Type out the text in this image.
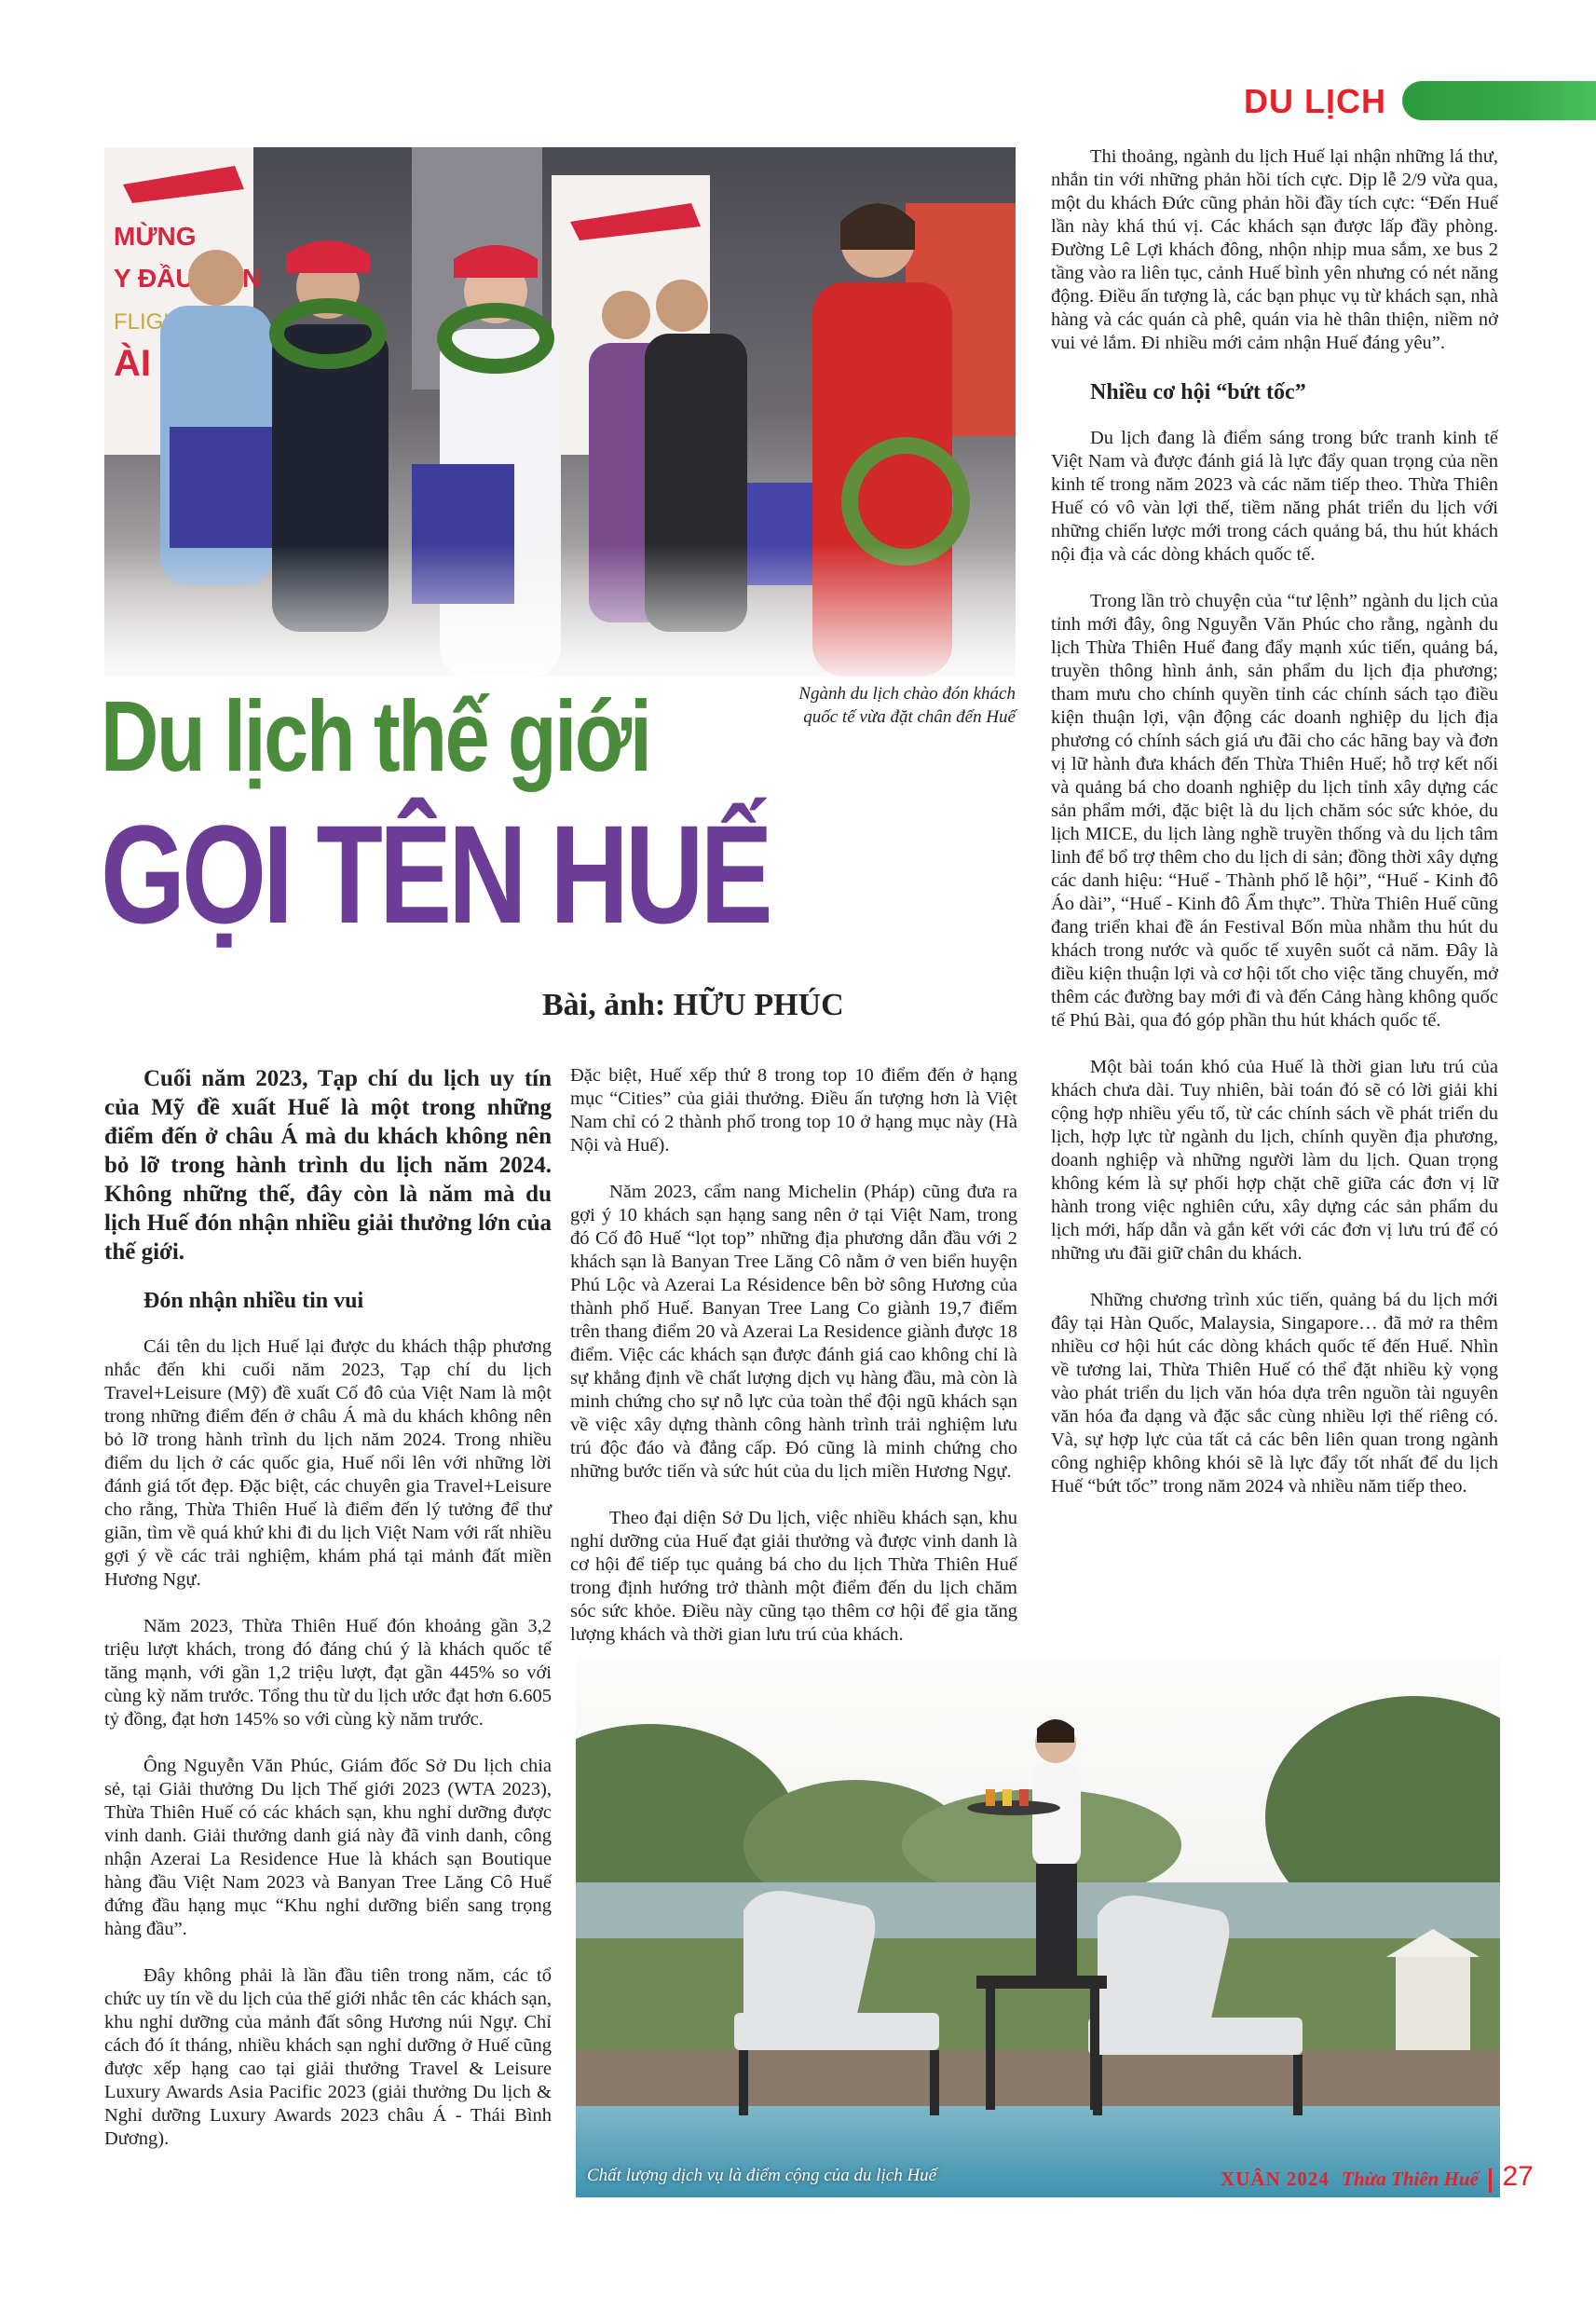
DU LỊCH
Ngành du lịch chào đón khách
quốc tế vừa đặt chân đến Huế
Du lịch thế giới
GỌI TÊN HUẾ
Bài, ảnh: HỮU PHÚC
Cuối năm 2023, Tạp chí du lịch uy tín của Mỹ đề xuất Huế là một trong những điểm đến ở châu Á mà du khách không nên bỏ lỡ trong hành trình du lịch năm 2024. Không những thế, đây còn là năm mà du lịch Huế đón nhận nhiều giải thưởng lớn của thế giới.
Đón nhận nhiều tin vui

Cái tên du lịch Huế lại được du khách thập phương nhắc đến khi cuối năm 2023, Tạp chí du lịch Travel+Leisure (Mỹ) đề xuất Cố đô của Việt Nam là một trong những điểm đến ở châu Á mà du khách không nên bỏ lỡ trong hành trình du lịch năm 2024. Trong nhiều điểm du lịch ở các quốc gia, Huế nổi lên với những lời đánh giá tốt đẹp. Đặc biệt, các chuyên gia Travel+Leisure cho rằng, Thừa Thiên Huế là điểm đến lý tưởng để thư giãn, tìm về quá khứ khi đi du lịch Việt Nam với rất nhiều gợi ý về các trải nghiệm, khám phá tại mảnh đất miền Hương Ngự.

Năm 2023, Thừa Thiên Huế đón khoảng gần 3,2 triệu lượt khách, trong đó đáng chú ý là khách quốc tế tăng mạnh, với gần 1,2 triệu lượt, đạt gần 445% so với cùng kỳ năm trước. Tổng thu từ du lịch ước đạt hơn 6.605 tỷ đồng, đạt hơn 145% so với cùng kỳ năm trước.

Ông Nguyễn Văn Phúc, Giám đốc Sở Du lịch chia sẻ, tại Giải thưởng Du lịch Thế giới 2023 (WTA 2023), Thừa Thiên Huế có các khách sạn, khu nghỉ dưỡng được vinh danh. Giải thưởng danh giá này đã vinh danh, công nhận Azerai La Residence Hue là khách sạn Boutique hàng đầu Việt Nam 2023 và Banyan Tree Lăng Cô Huế đứng đầu hạng mục “Khu nghỉ dưỡng biển sang trọng hàng đầu”.

Đây không phải là lần đầu tiên trong năm, các tổ chức uy tín về du lịch của thế giới nhắc tên các khách sạn, khu nghỉ dưỡng của mảnh đất sông Hương núi Ngự. Chỉ cách đó ít tháng, nhiều khách sạn nghỉ dưỡng ở Huế cũng được xếp hạng cao tại giải thưởng Travel & Leisure Luxury Awards Asia Pacific 2023 (giải thưởng Du lịch & Nghỉ dưỡng Luxury Awards 2023 châu Á - Thái Bình Dương).

Đặc biệt, Huế xếp thứ 8 trong top 10 điểm đến ở hạng mục “Cities” của giải thưởng. Điều ấn tượng hơn là Việt Nam chỉ có 2 thành phố trong top 10 ở hạng mục này (Hà Nội và Huế).

Năm 2023, cẩm nang Michelin (Pháp) cũng đưa ra gợi ý 10 khách sạn hạng sang nên ở tại Việt Nam, trong đó Cố đô Huế “lọt top” những địa phương dẫn đầu với 2 khách sạn là Banyan Tree Lăng Cô nằm ở ven biển huyện Phú Lộc và Azerai La Résidence bên bờ sông Hương của thành phố Huế. Banyan Tree Lang Co giành 19,7 điểm trên thang điểm 20 và Azerai La Residence giành được 18 điểm. Việc các khách sạn được đánh giá cao không chỉ là sự khẳng định về chất lượng dịch vụ hàng đầu, mà còn là minh chứng cho sự nỗ lực của toàn thể đội ngũ khách sạn về việc xây dựng thành công hành trình trải nghiệm lưu trú độc đáo và đẳng cấp. Đó cũng là minh chứng cho những bước tiến và sức hút của du lịch miền Hương Ngự.

Theo đại diện Sở Du lịch, việc nhiều khách sạn, khu nghỉ dưỡng của Huế đạt giải thưởng và được vinh danh là cơ hội để tiếp tục quảng bá cho du lịch Thừa Thiên Huế trong định hướng trở thành một điểm đến du lịch chăm sóc sức khỏe. Điều này cũng tạo thêm cơ hội để gia tăng lượng khách và thời gian lưu trú của khách.

Thi thoảng, ngành du lịch Huế lại nhận những lá thư, nhắn tin với những phản hồi tích cực. Dịp lễ 2/9 vừa qua, một du khách Đức cũng phản hồi đầy tích cực: “Đến Huế lần này khá thú vị. Các khách sạn được lấp đầy phòng. Đường Lê Lợi khách đông, nhộn nhịp mua sắm, xe bus 2 tầng vào ra liên tục, cảnh Huế bình yên nhưng có nét năng động. Điều ấn tượng là, các bạn phục vụ từ khách sạn, nhà hàng và các quán cà phê, quán via hè thân thiện, niềm nở vui vẻ lắm. Đi nhiều mới cảm nhận Huế đáng yêu”.

Nhiều cơ hội “bứt tốc”

Du lịch đang là điểm sáng trong bức tranh kinh tế Việt Nam và được đánh giá là lực đẩy quan trọng của nền kinh tế trong năm 2023 và các năm tiếp theo. Thừa Thiên Huế có vô vàn lợi thế, tiềm năng phát triển du lịch với những chiến lược mới trong cách quảng bá, thu hút khách nội địa và các dòng khách quốc tế.

Trong lần trò chuyện của “tư lệnh” ngành du lịch của tỉnh mới đây, ông Nguyễn Văn Phúc cho rằng, ngành du lịch Thừa Thiên Huế đang đẩy mạnh xúc tiến, quảng bá, truyền thông hình ảnh, sản phẩm du lịch địa phương; tham mưu cho chính quyền tỉnh các chính sách tạo điều kiện thuận lợi, vận động các doanh nghiệp du lịch địa phương có chính sách giá ưu đãi cho các hãng bay và đơn vị lữ hành đưa khách đến Thừa Thiên Huế; hỗ trợ kết nối và quảng bá cho doanh nghiệp du lịch tỉnh xây dựng các sản phẩm mới, đặc biệt là du lịch chăm sóc sức khỏe, du lịch MICE, du lịch làng nghề truyền thống và du lịch tâm linh để bổ trợ thêm cho du lịch di sản; đồng thời xây dựng các danh hiệu: “Huế - Thành phố lễ hội”, “Huế - Kinh đô Áo dài”, “Huế - Kinh đô Ẩm thực”. Thừa Thiên Huế cũng đang triển khai đề án Festival Bốn mùa nhằm thu hút du khách trong nước và quốc tế xuyên suốt cả năm. Đây là điều kiện thuận lợi và cơ hội tốt cho việc tăng chuyến, mở thêm các đường bay mới đi và đến Cảng hàng không quốc tế Phú Bài, qua đó góp phần thu hút khách quốc tế.

Một bài toán khó của Huế là thời gian lưu trú của khách chưa dài. Tuy nhiên, bài toán đó sẽ có lời giải khi cộng hợp nhiều yếu tố, từ các chính sách về phát triển du lịch, hợp lực từ ngành du lịch, chính quyền địa phương, doanh nghiệp và những người làm du lịch. Quan trọng không kém là sự phối hợp chặt chẽ giữa các đơn vị lữ hành trong việc nghiên cứu, xây dựng các sản phẩm du lịch mới, hấp dẫn và gắn kết với các đơn vị lưu trú để có những ưu đãi giữ chân du khách.

Những chương trình xúc tiến, quảng bá du lịch mới đây tại Hàn Quốc, Malaysia, Singapore… đã mở ra thêm nhiều cơ hội hút các dòng khách quốc tế đến Huế. Nhìn về tương lai, Thừa Thiên Huế có thể đặt nhiều kỳ vọng vào phát triển du lịch văn hóa dựa trên nguồn tài nguyên văn hóa đa dạng và đặc sắc cùng nhiều lợi thế riêng có. Và, sự hợp lực của tất cả các bên liên quan trong ngành công nghiệp không khói sẽ là lực đẩy tốt nhất để du lịch Huế “bứt tốc” trong năm 2024 và nhiều năm tiếp theo.

Chất lượng dịch vụ là điểm cộng của du lịch Huế	XUÂN 2024 Thừa Thiên Huế 27
